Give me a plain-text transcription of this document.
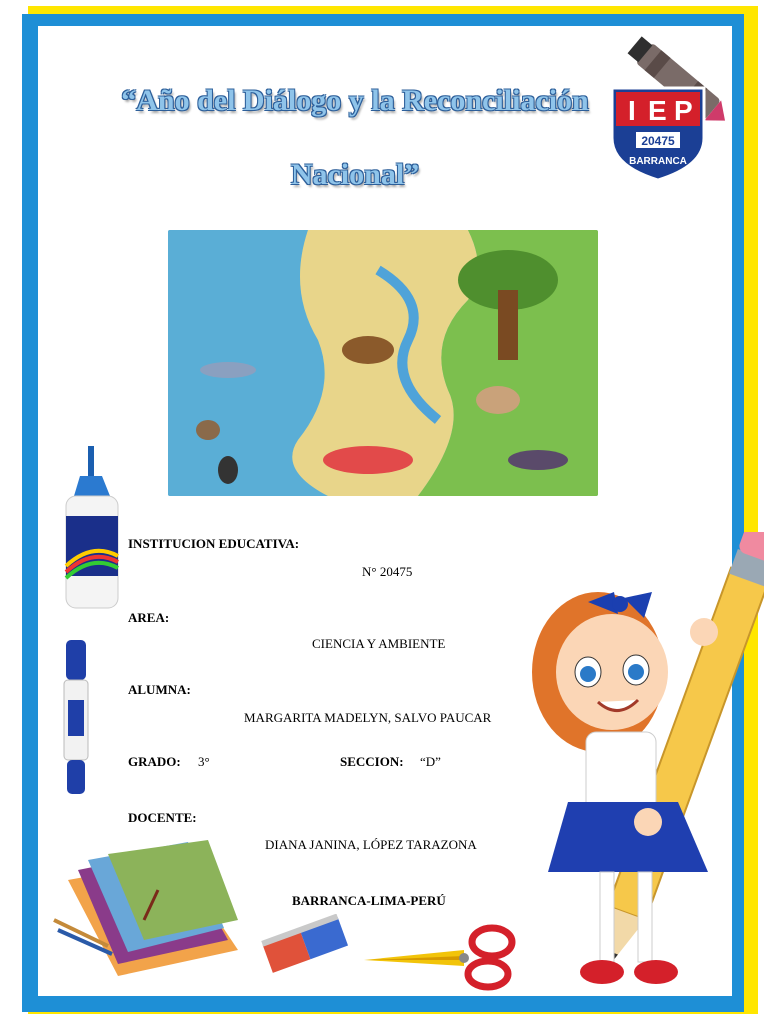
“Año del Diálogo y la Reconciliación
Nacional”
I E P
20475
BARRANCA
INSTITUCION EDUCATIVA:
N° 20475
AREA:
CIENCIA Y AMBIENTE
ALUMNA:
MARGARITA MADELYN, SALVO PAUCAR
GRADO: 3°	SECCION: “D”
DOCENTE:
DIANA JANINA, LÓPEZ TARAZONA
BARRANCA-LIMA-PERÚ
